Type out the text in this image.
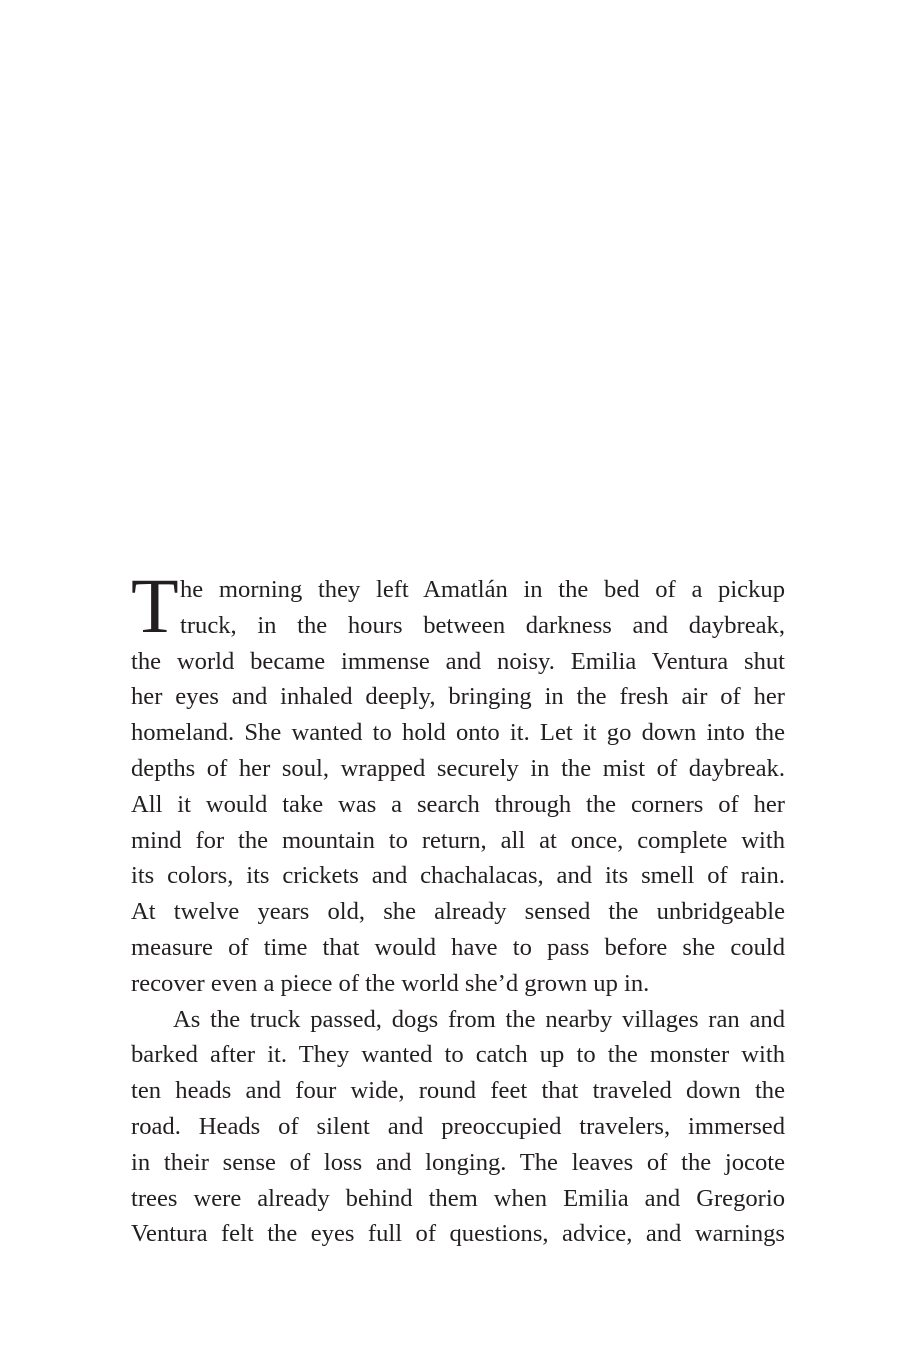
T he morning they left Amatlán in the bed of a pickup
truck, in the hours between darkness and daybreak,
the world became immense and noisy. Emilia Ventura shut
her eyes and inhaled deeply, bringing in the fresh air of her
homeland. She wanted to hold onto it. Let it go down into the
depths of her soul, wrapped securely in the mist of daybreak.
All it would take was a search through the corners of her
mind for the mountain to return, all at once, complete with
its colors, its crickets and chachalacas, and its smell of rain.
At twelve years old, she already sensed the unbridgeable
measure of time that would have to pass before she could
recover even a piece of the world she’d grown up in.
As the truck passed, dogs from the nearby villages ran and
barked after it. They wanted to catch up to the monster with
ten heads and four wide, round feet that traveled down the
road. Heads of silent and preoccupied travelers, immersed
in their sense of loss and longing. The leaves of the jocote
trees were already behind them when Emilia and Gregorio
Ventura felt the eyes full of questions, advice, and warnings
